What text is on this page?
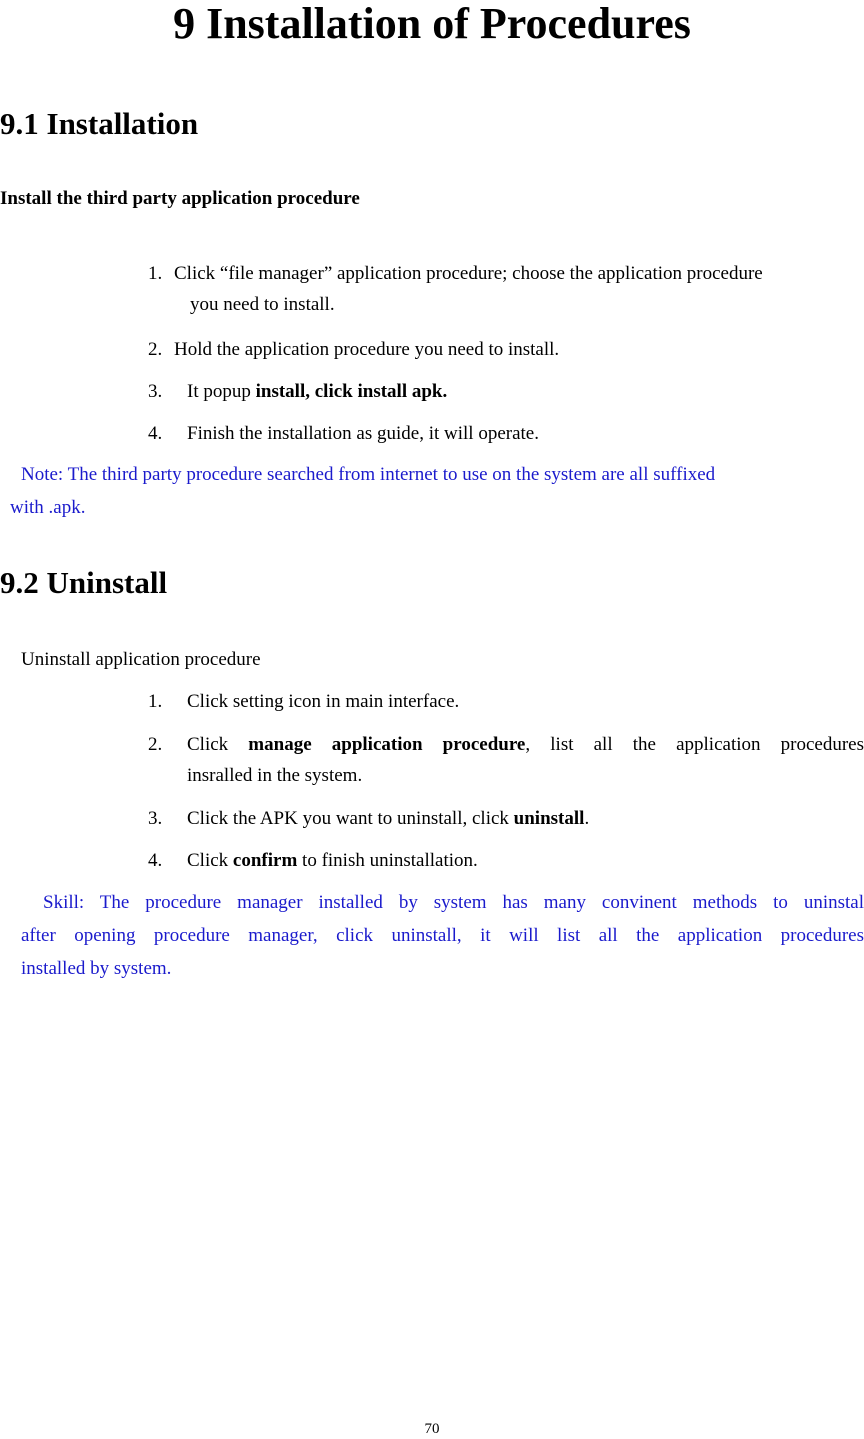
9 Installation of Procedures
9.1 Installation
Install the third party application procedure
1. Click “file manager” application procedure; choose the application procedure
you need to install.
2. Hold the application procedure you need to install.
3. It popup install, click install apk.
4. Finish the installation as guide, it will operate.
Note: The third party procedure searched from internet to use on the system are all suffixed
with .apk.
9.2 Uninstall
Uninstall application procedure
1. Click setting icon in main interface.
2. Click manage application procedure, list all the application procedures
insralled in the system.
3. Click the APK you want to uninstall, click uninstall.
4. Click confirm to finish uninstallation.
Skill: The procedure manager installed by system has many convinent methods to uninstal
after opening procedure manager, click uninstall, it will list all the application procedures
installed by system.
70
